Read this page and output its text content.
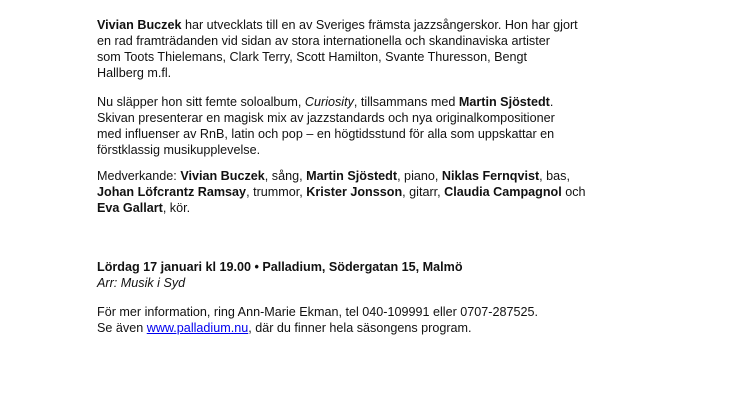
Vivian Buczek har utvecklats till en av Sveriges främsta jazzsångerskor. Hon har gjort
en rad framträdanden vid sidan av stora internationella och skandinaviska artister
som Toots Thielemans, Clark Terry, Scott Hamilton, Svante Thuresson, Bengt
Hallberg m.fl.

Nu släpper hon sitt femte soloalbum, Curiosity, tillsammans med Martin Sjöstedt.
Skivan presenterar en magisk mix av jazzstandards och nya originalkompositioner
med influenser av RnB, latin och pop – en högtidsstund för alla som uppskattar en
förstklassig musikupplevelse.

Medverkande: Vivian Buczek, sång, Martin Sjöstedt, piano, Niklas Fernqvist, bas,
Johan Löfcrantz Ramsay, trummor, Krister Jonsson, gitarr, Claudia Campagnol och
Eva Gallart, kör.

Lördag 17 januari kl 19.00 • Palladium, Södergatan 15, Malmö
Arr: Musik i Syd

För mer information, ring Ann-Marie Ekman, tel 040-109991 eller 0707-287525.
Se även www.palladium.nu, där du finner hela säsongens program.
